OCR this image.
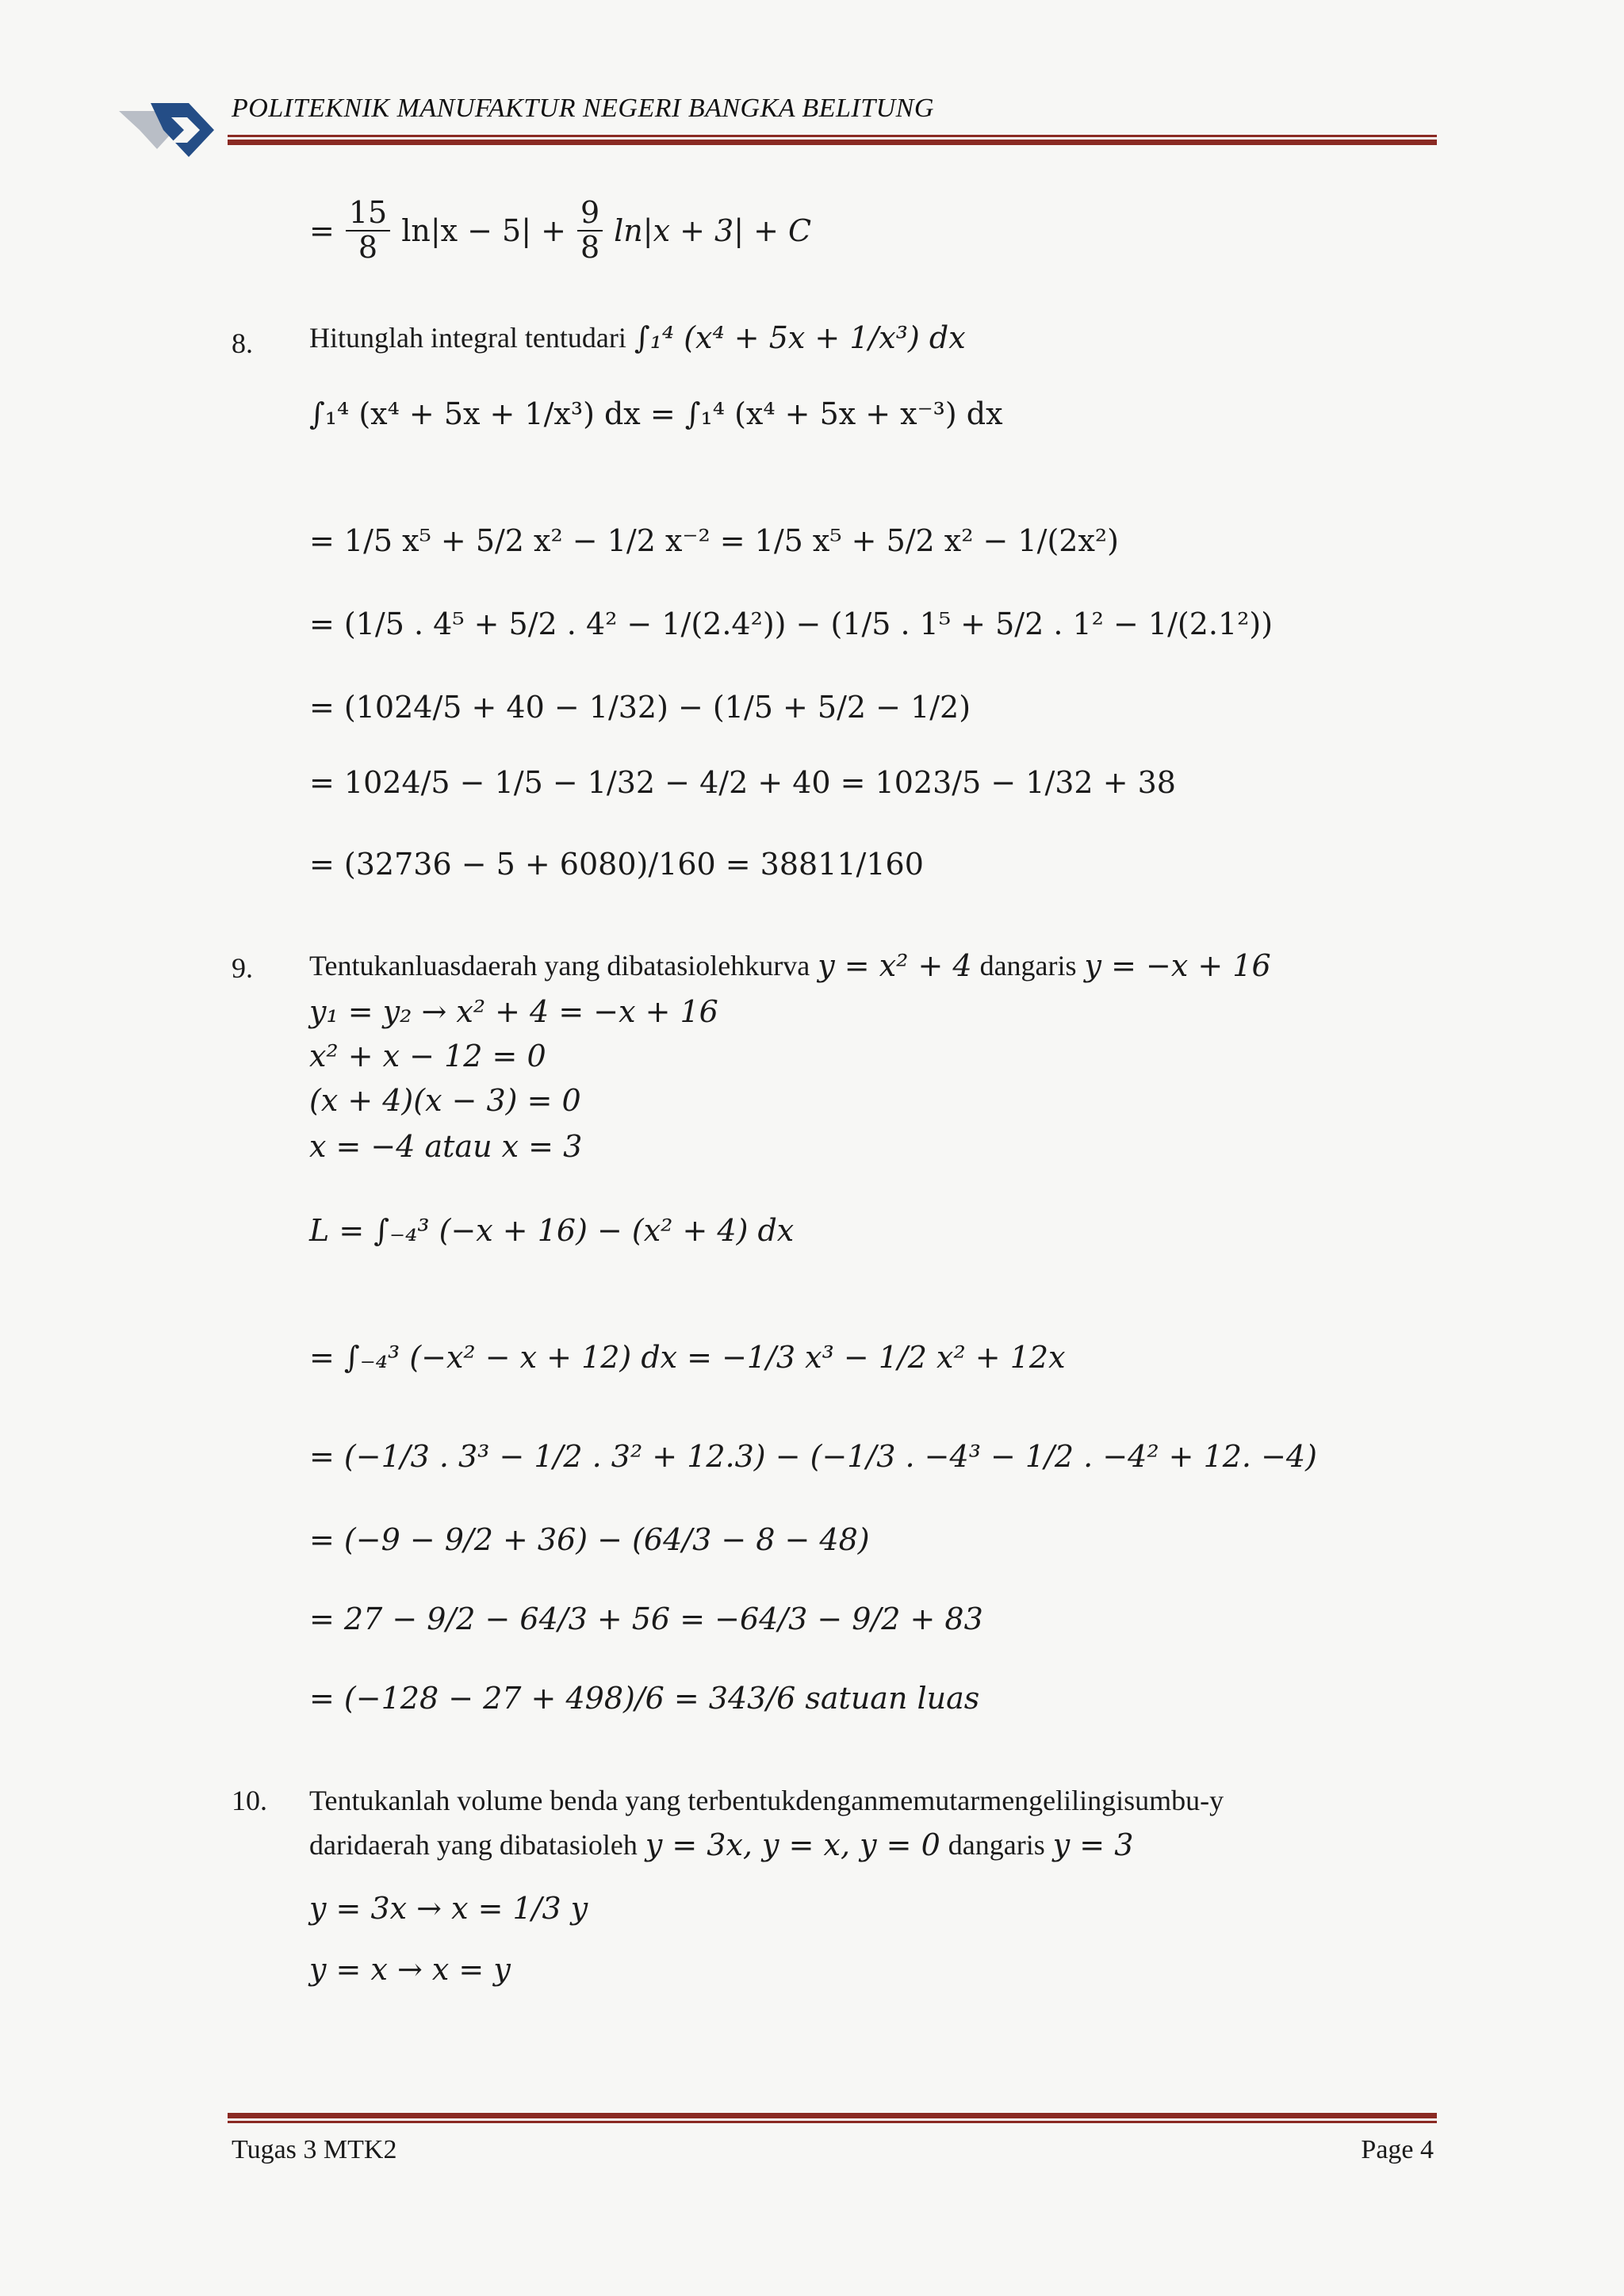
POLITEKNIK MANUFAKTUR NEGERI BANGKA BELITUNG
= $\frac{15}{8} \ln|x - 5| + \frac{9}{8} \ln|x + 3| + C$
8. Hitunglah integral tentudari ∫₁⁴ (x⁴ + 5x + 1/x³) dx
∫₁⁴ (x⁴ + 5x + 1/x³) dx = ∫₁⁴ (x⁴ + 5x + x⁻³) dx
= 1/5 x⁵ + 5/2 x² − 1/2 x⁻² = 1/5 x⁵ + 5/2 x² − 1/(2x²)
= (1/5 . 4⁵ + 5/2 . 4² − 1/(2.4²)) − (1/5 . 1⁵ + 5/2 . 1² − 1/(2.1²))
= (1024/5 + 40 − 1/32) − (1/5 + 5/2 − 1/2)
= 1024/5 − 1/5 − 1/32 − 4/2 + 40 = 1023/5 − 1/32 + 38
= (32736 − 5 + 6080)/160 = 38811/160
9. Tentukanluasdaerah yang dibatasiolehkurva y = x² + 4 dangaris y = −x + 16
y₁ = y₂ → x² + 4 = −x + 16
x² + x − 12 = 0
(x + 4)(x − 3) = 0
x = −4 atau x = 3
L = ∫₋₄³ (−x + 16) − (x² + 4) dx
= ∫₋₄³ (−x² − x + 12) dx = −1/3 x³ − 1/2 x² + 12x
= (−1/3 . 3³ − 1/2 . 3² + 12.3) − (−1/3 . −4³ − 1/2 . −4² + 12. −4)
= (−9 − 9/2 + 36) − (64/3 − 8 − 48)
= 27 − 9/2 − 64/3 + 56 = −64/3 − 9/2 + 83
= (−128 − 27 + 498)/6 = 343/6 satuan luas
10. Tentukanlah volume benda yang terbentukdenganmemutarmengelilingisumbu-y
daridaerah yang dibatasioleh y = 3x, y = x, y = 0 dangaris y = 3
y = 3x → x = 1/3 y
y = x → x = y
Tugas 3 MTK2	Page 4
